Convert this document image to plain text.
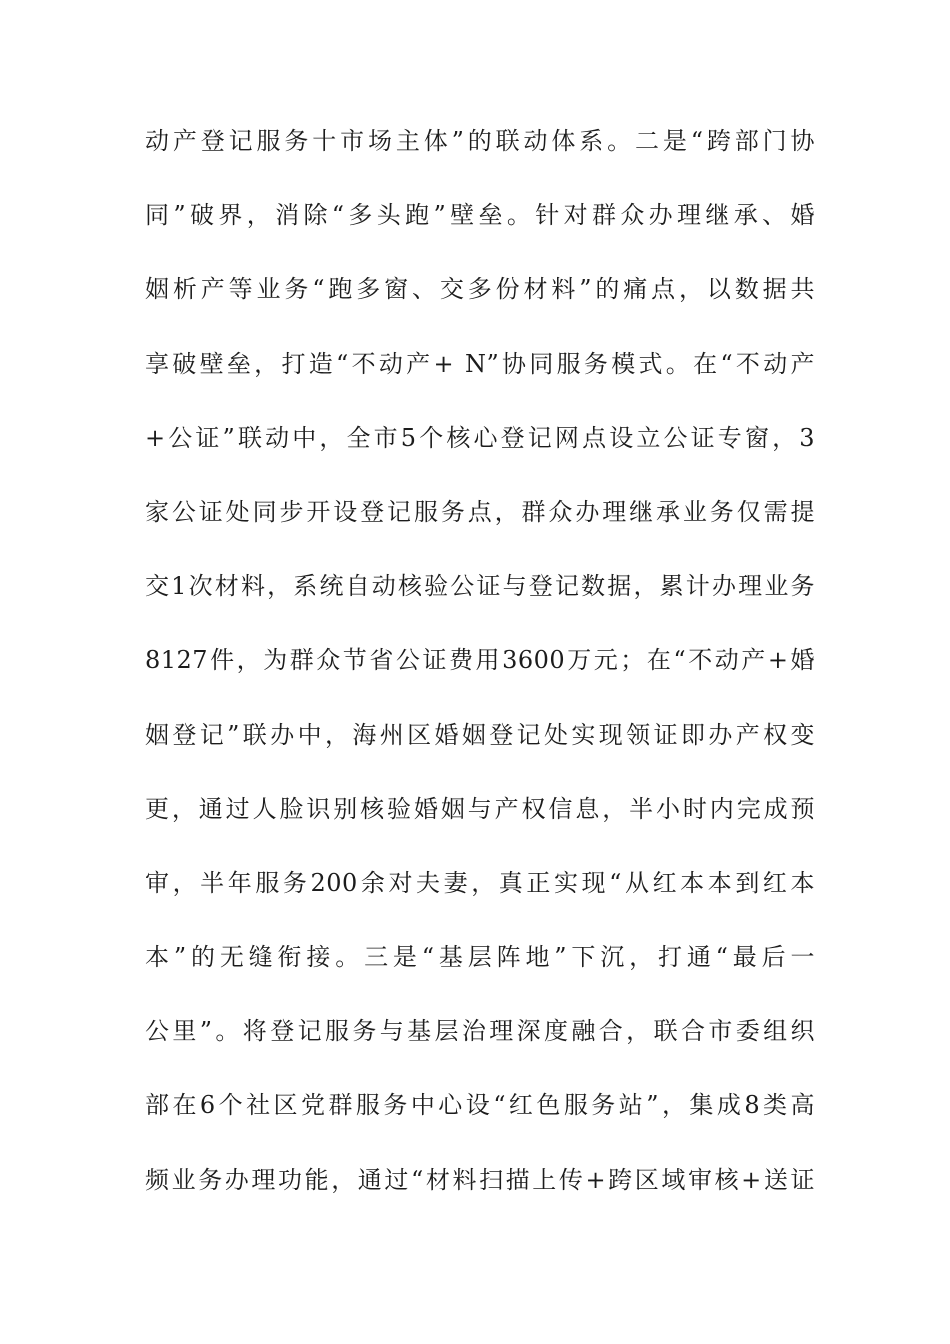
动产登记服务十市场主体”的联动体系。二是“跨部门协
同”破界，消除“多头跑”壁垒。针对群众办理继承、婚
姻析产等业务“跑多窗、交多份材料”的痛点，以数据共
享破壁垒，打造“不动产+ N”协同服务模式。在“不动产
+公证”联动中，全市5个核心登记网点设立公证专窗，3
家公证处同步开设登记服务点，群众办理继承业务仅需提
交1次材料，系统自动核验公证与登记数据，累计办理业务
8127件，为群众节省公证费用3600万元；在“不动产+婚
姻登记”联办中，海州区婚姻登记处实现领证即办产权变
更，通过人脸识别核验婚姻与产权信息，半小时内完成预
审，半年服务200余对夫妻，真正实现“从红本本到红本
本”的无缝衔接。三是“基层阵地”下沉，打通“最后一
公里”。将登记服务与基层治理深度融合，联合市委组织
部在6个社区党群服务中心设“红色服务站”，集成8类高
频业务办理功能，通过“材料扫描上传+跨区域审核+送证
